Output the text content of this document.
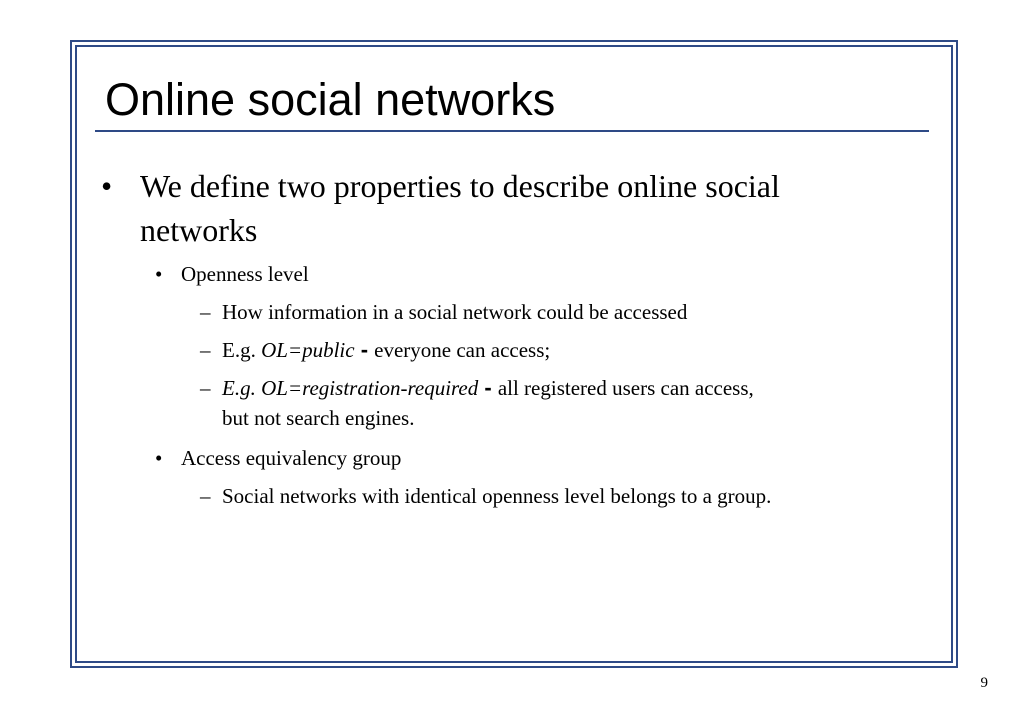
Online social networks
• We define two properties to describe online social
networks
• Openness level
– How information in a social network could be accessed
– E.g. OL=public - everyone can access;
– E.g. OL=registration-required - all registered users can access,
but not search engines.
• Access equivalency group
– Social networks with identical openness level belongs to a group.
9
